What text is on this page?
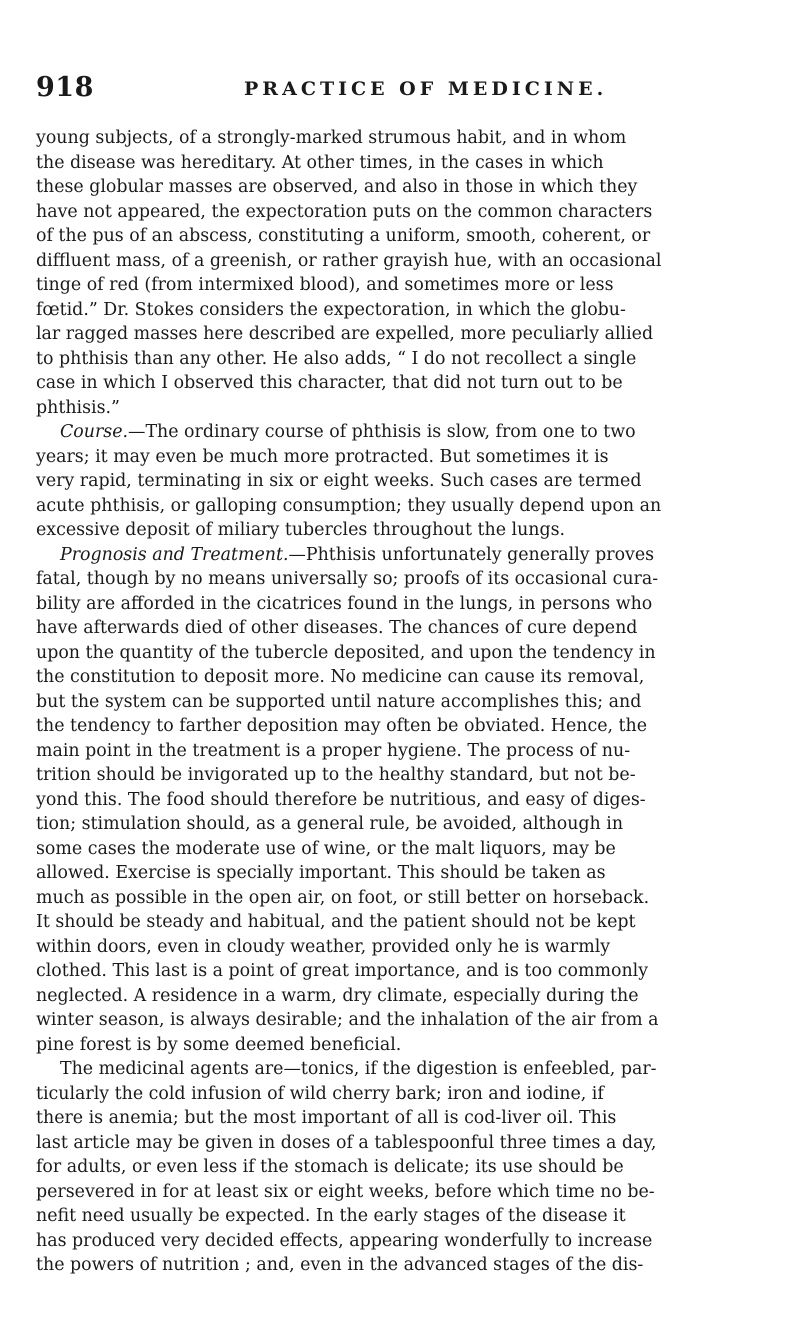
918	PRACTICE OF MEDICINE.

young subjects, of a strongly-marked strumous habit, and in whom
the disease was hereditary. At other times, in the cases in which
these globular masses are observed, and also in those in which they
have not appeared, the expectoration puts on the common characters
of the pus of an abscess, constituting a uniform, smooth, coherent, or
diffluent mass, of a greenish, or rather grayish hue, with an occasional
tinge of red (from intermixed blood), and sometimes more or less
fœtid.” Dr. Stokes considers the expectoration, in which the globu-
lar ragged masses here described are expelled, more peculiarly allied
to phthisis than any other. He also adds, “ I do not recollect a single
case in which I observed this character, that did not turn out to be
phthisis.”

Course.—The ordinary course of phthisis is slow, from one to two
years; it may even be much more protracted. But sometimes it is
very rapid, terminating in six or eight weeks. Such cases are termed
acute phthisis, or galloping consumption; they usually depend upon an
excessive deposit of miliary tubercles throughout the lungs.

Prognosis and Treatment.—Phthisis unfortunately generally proves
fatal, though by no means universally so; proofs of its occasional cura-
bility are afforded in the cicatrices found in the lungs, in persons who
have afterwards died of other diseases. The chances of cure depend
upon the quantity of the tubercle deposited, and upon the tendency in
the constitution to deposit more. No medicine can cause its removal,
but the system can be supported until nature accomplishes this; and
the tendency to farther deposition may often be obviated. Hence, the
main point in the treatment is a proper hygiene. The process of nu-
trition should be invigorated up to the healthy standard, but not be-
yond this. The food should therefore be nutritious, and easy of diges-
tion; stimulation should, as a general rule, be avoided, although in
some cases the moderate use of wine, or the malt liquors, may be
allowed. Exercise is specially important. This should be taken as
much as possible in the open air, on foot, or still better on horseback.
It should be steady and habitual, and the patient should not be kept
within doors, even in cloudy weather, provided only he is warmly
clothed. This last is a point of great importance, and is too commonly
neglected. A residence in a warm, dry climate, especially during the
winter season, is always desirable; and the inhalation of the air from a
pine forest is by some deemed beneficial.

The medicinal agents are—tonics, if the digestion is enfeebled, par-
ticularly the cold infusion of wild cherry bark; iron and iodine, if
there is anemia; but the most important of all is cod-liver oil. This
last article may be given in doses of a tablespoonful three times a day,
for adults, or even less if the stomach is delicate; its use should be
persevered in for at least six or eight weeks, before which time no be-
nefit need usually be expected. In the early stages of the disease it
has produced very decided effects, appearing wonderfully to increase
the powers of nutrition ; and, even in the advanced stages of the dis-
